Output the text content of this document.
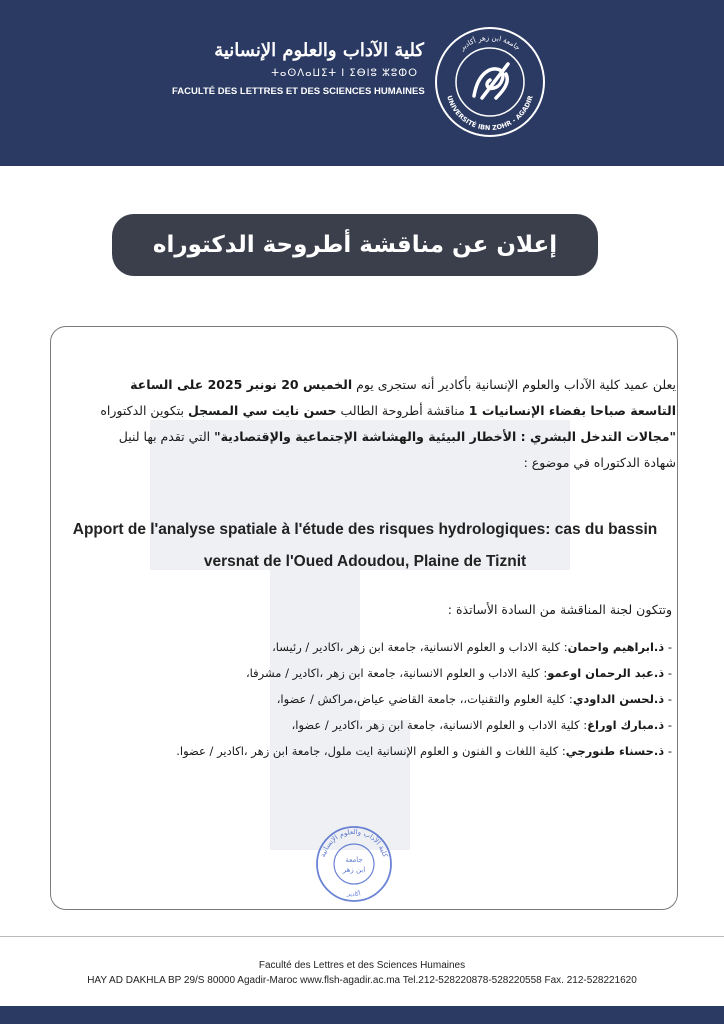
كلية الآداب والعلوم الإنسانية
ⵜⴰⵙⴷⴰⵡⵉⵜ ⵏ ⵉⴱⵏⵓ ⵣⵓⵀⵔ
FACULTÉ DES LETTRES ET DES SCIENCES HUMAINES
جامعة ابن زهر أكادير
UNIVERSITÉ IBN ZOHR - AGADIR
إعلان عن مناقشة أطروحة الدكتوراه
يعلن عميد كلية الآداب والعلوم الإنسانية بأكادير أنه ستجرى يوم الخميس 20 نونبر 2025 على الساعة التاسعة صباحا بفضاء الإنسانيات 1 مناقشة أطروحة الطالب حسن نايت سي المسجل بتكوين الدكتوراه "مجالات التدخل البشري : الأخطار البيئية والهشاشة الإجتماعية والإقتصادية" التي تقدم بها لنيل شهادة الدكتوراه في موضوع :
Apport de l'analyse spatiale à l'étude des risques hydrologiques: cas du bassin
versnat de l'Oued Adoudou, Plaine de Tiznit
وتتكون لجنة المناقشة من السادة الأساتذة :
- ذ.ابراهيم واحمان: كلية الاداب و العلوم الانسانية، جامعة ابن زهر ،اكادير / رئيسا،
- ذ.عبد الرحمان اوعمو: كلية الاداب و العلوم الانسانية، جامعة ابن زهر ،اكادير / مشرفا،
- ذ.لحسن الداودي: كلية العلوم والتقنيات،، جامعة القاضي عياض،مراكش / عضوا،
- ذ.مبارك اوراغ: كلية الاداب و العلوم الانسانية، جامعة ابن زهر ،اكادير / عضوا،
- ذ.حسناء طنورجي: كلية اللغات و الفنون و العلوم الإنسانية ايت ملول، جامعة ابن زهر ،اكادير / عضوا.
كلية الآداب والعلوم الإنسانية
أكادير
جامعة
ابن زهر
Faculté des Lettres et des Sciences Humaines
HAY AD DAKHLA BP 29/S 80000 Agadir-Maroc www.flsh-agadir.ac.ma Tel.212-528220878-528220558 Fax. 212-528221620
